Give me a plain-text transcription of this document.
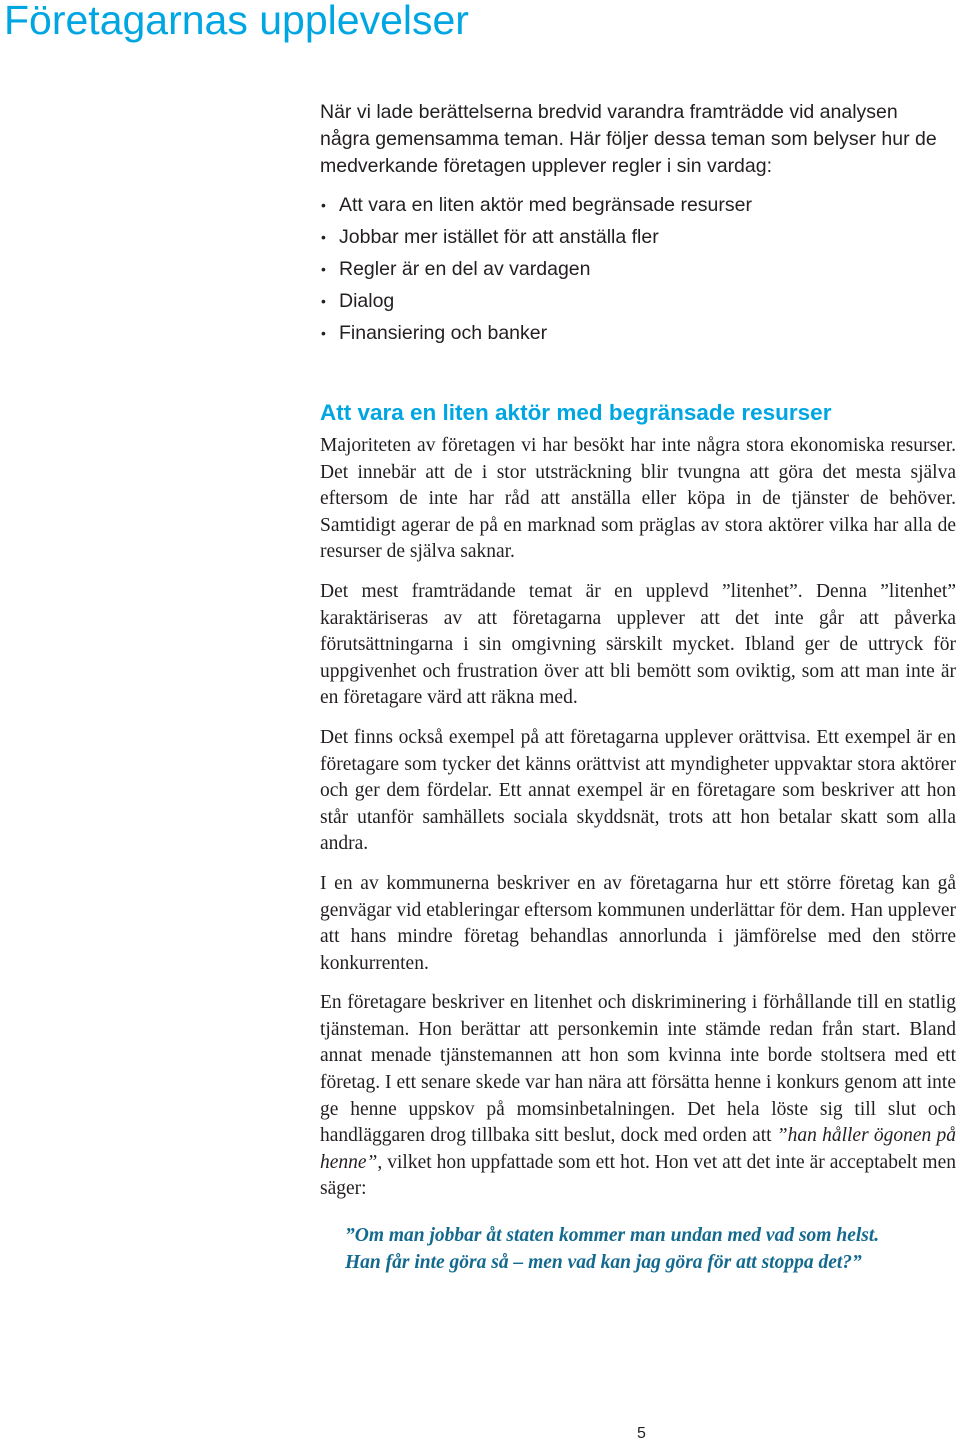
Företagarnas upplevelser

När vi lade berättelserna bredvid varandra framträdde vid analysen några gemensamma teman. Här följer dessa teman som belyser hur de medverkande företagen upplever regler i sin vardag:

• Att vara en liten aktör med begränsade resurser
• Jobbar mer istället för att anställa fler
• Regler är en del av vardagen
• Dialog
• Finansiering och banker
Att vara en liten aktör med begränsade resurser

Majoriteten av företagen vi har besökt har inte några stora ekonomiska resurser. Det innebär att de i stor utsträckning blir tvungna att göra det mesta själva eftersom de inte har råd att anställa eller köpa in de tjänster de behöver. Samtidigt agerar de på en marknad som präglas av stora aktörer vilka har alla de resurser de själva saknar.

Det mest framträdande temat är en upplevd ”litenhet”. Denna ”litenhet” karaktäriseras av att företagarna upplever att det inte går att påverka förutsättningarna i sin omgivning särskilt mycket. Ibland ger de uttryck för uppgivenhet och frustration över att bli bemött som oviktig, som att man inte är en företagare värd att räkna med.

Det finns också exempel på att företagarna upplever orättvisa. Ett exempel är en företagare som tycker det känns orättvist att myndigheter uppvaktar stora aktörer och ger dem fördelar. Ett annat exempel är en företagare som beskriver att hon står utanför samhällets sociala skyddsnät, trots att hon betalar skatt som alla andra.

I en av kommunerna beskriver en av företagarna hur ett större företag kan gå genvägar vid etableringar eftersom kommunen underlättar för dem. Han upplever att hans mindre företag behandlas annorlunda i jämförelse med den större konkurrenten.

En företagare beskriver en litenhet och diskriminering i förhållande till en statlig tjänsteman. Hon berättar att personkemin inte stämde redan från start. Bland annat menade tjänstemannen att hon som kvinna inte borde stoltsera med ett företag. I ett senare skede var han nära att försätta henne i konkurs genom att inte ge henne uppskov på momsinbetalningen. Det hela löste sig till slut och handläggaren drog tillbaka sitt beslut, dock med orden att ”han håller ögonen på henne”, vilket hon uppfattade som ett hot. Hon vet att det inte är acceptabelt men säger:

”Om man jobbar åt staten kommer man undan med vad som helst.
Han får inte göra så – men vad kan jag göra för att stoppa det?”
5
